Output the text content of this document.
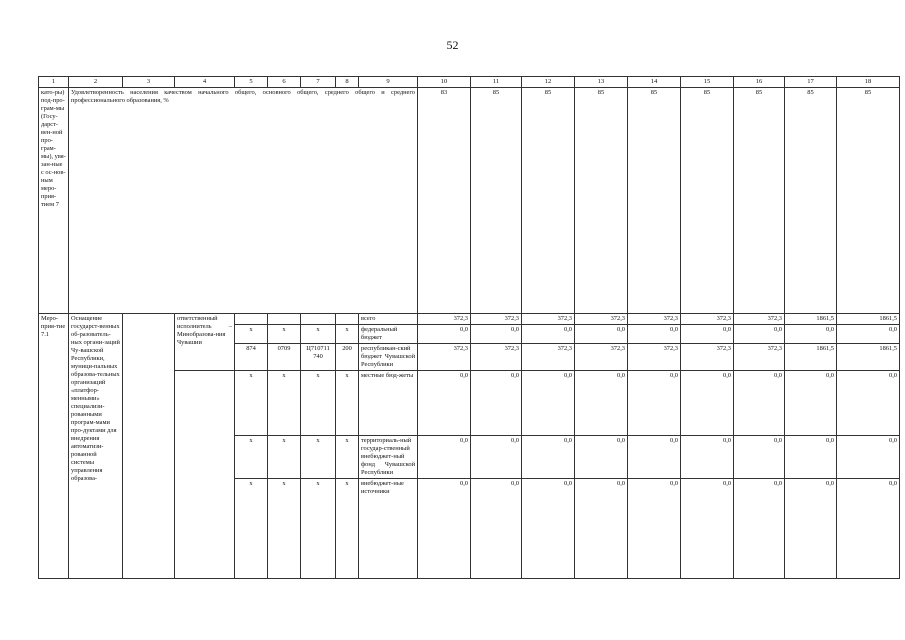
52
1	2	3	4	5	6	7	8	9	10	11	12	13	14	15	16	17	18
като-ры) под-про-грам-мы (Госу-дарст-вен-ной про-грам-мы), увя-зан-ные с ос-нов-ным меро-прия-тием 7	Удовлетворенность населения качеством начального общего, основного общего, среднего общего и среднего профессионального образования, %								83	85	85	85	85	85	85	85	85
Меро-прия-тие 7.1	Оснащение государст-венных об-разователь-ных органи-заций Чу-вашской Республики, муници-пальных образова-тельных организаций «платфор-менными» специализи-рованными програм-мами про-дуктами для внедрения автоматизи-рованной системы управления образова-		ответственный исполнитель – Минобразова-ния Чувашии					всего	372,3	372,3	372,3	372,3	372,3	372,3	372,3	1861,5	1861,5
				х	х	х	х	федеральный бюджет	0,0	0,0	0,0	0,0	0,0	0,0	0,0	0,0	0,0
				874	0709	Ц710711 740	200	республикан-ский бюджет Чувашской Республики	372,3	372,3	372,3	372,3	372,3	372,3	372,3	1861,5	1861,5
				х	х	х	х	местные бюд-жеты	0,0	0,0	0,0	0,0	0,0	0,0	0,0	0,0	0,0
				х	х	х	х	территориаль-ный государ-ственный внебюджет-ный фонд Чувашской Республики	0,0	0,0	0,0	0,0	0,0	0,0	0,0	0,0	0,0
				х	х	х	х	внебюджет-ные источники	0,0	0,0	0,0	0,0	0,0	0,0	0,0	0,0	0,0
